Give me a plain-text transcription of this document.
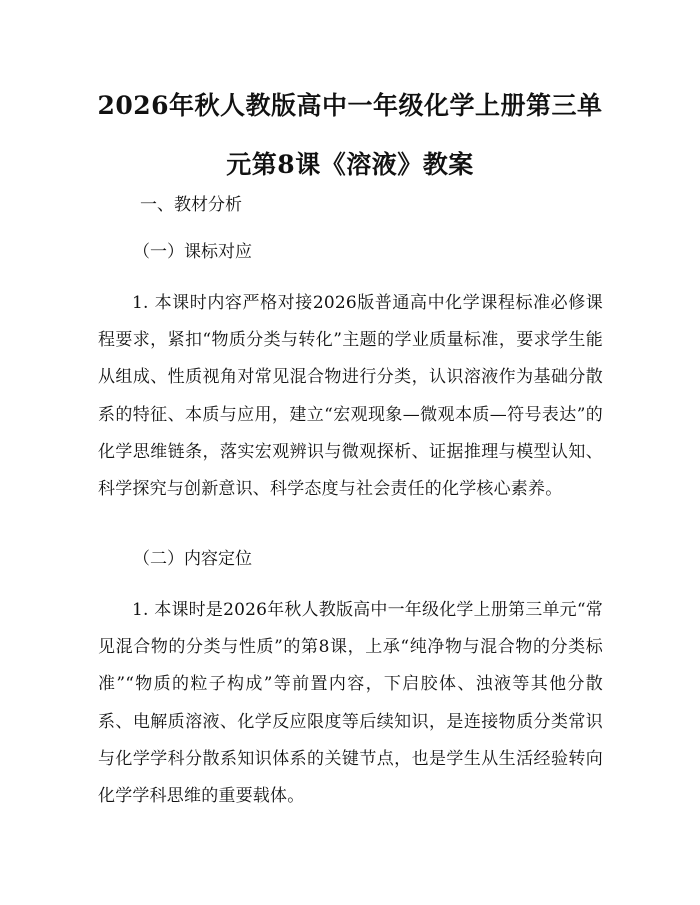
2026年秋人教版高中一年级化学上册第三单元第8课《溶液》教案
一、教材分析
（一）课标对应

1. 本课时内容严格对接2026版普通高中化学课程标准必修课程要求，紧扣“物质分类与转化”主题的学业质量标准，要求学生能从组成、性质视角对常见混合物进行分类，认识溶液作为基础分散系的特征、本质与应用，建立“宏观现象—微观本质—符号表达”的化学思维链条，落实宏观辨识与微观探析、证据推理与模型认知、科学探究与创新意识、科学态度与社会责任的化学核心素养。

（二）内容定位

1. 本课时是2026年秋人教版高中一年级化学上册第三单元“常见混合物的分类与性质”的第8课，上承“纯净物与混合物的分类标准”“物质的粒子构成”等前置内容，下启胶体、浊液等其他分散系、电解质溶液、化学反应限度等后续知识，是连接物质分类常识与化学学科分散系知识体系的关键节点，也是学生从生活经验转向化学学科思维的重要载体。
